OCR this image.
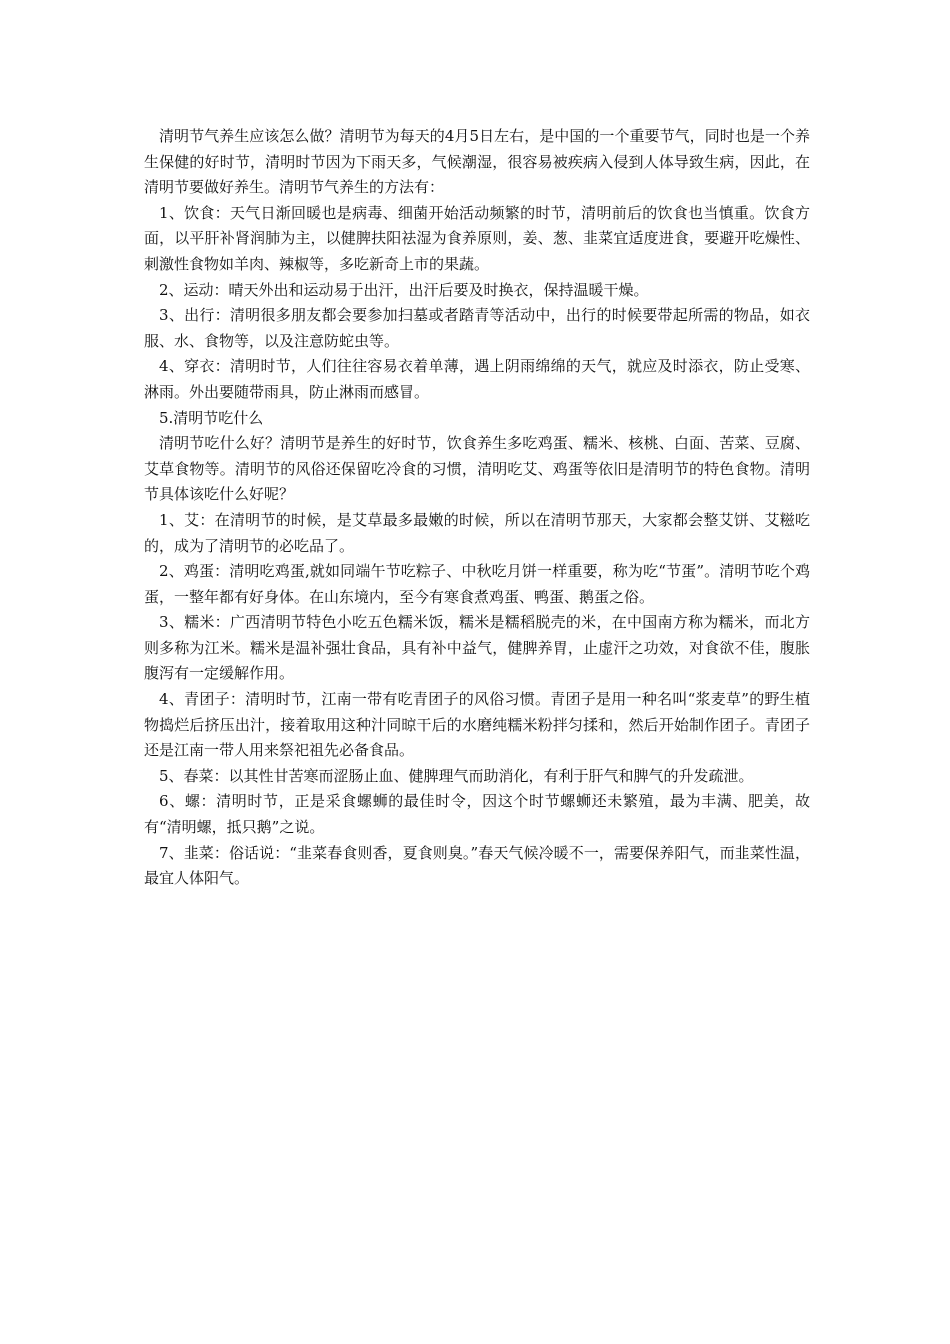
清明节气养生应该怎么做？清明节为每天的4月5日左右，是中国的一个重要节气，同时也是一个养生保健的好时节，清明时节因为下雨天多，气候潮湿，很容易被疾病入侵到人体导致生病，因此，在清明节要做好养生。清明节气养生的方法有：

1、饮食：天气日渐回暖也是病毒、细菌开始活动频繁的时节，清明前后的饮食也当慎重。饮食方面，以平肝补肾润肺为主，以健脾扶阳祛湿为食养原则，姜、葱、韭菜宜适度进食，要避开吃燥性、刺激性食物如羊肉、辣椒等，多吃新奇上市的果蔬。

2、运动：晴天外出和运动易于出汗，出汗后要及时换衣，保持温暖干燥。

3、出行：清明很多朋友都会要参加扫墓或者踏青等活动中，出行的时候要带起所需的物品，如衣服、水、食物等，以及注意防蛇虫等。

4、穿衣：清明时节，人们往往容易衣着单薄，遇上阴雨绵绵的天气，就应及时添衣，防止受寒、淋雨。外出要随带雨具，防止淋雨而感冒。

5.清明节吃什么

清明节吃什么好？清明节是养生的好时节，饮食养生多吃鸡蛋、糯米、核桃、白面、苦菜、豆腐、艾草食物等。清明节的风俗还保留吃冷食的习惯，清明吃艾、鸡蛋等依旧是清明节的特色食物。清明节具体该吃什么好呢？

1、艾：在清明节的时候，是艾草最多最嫩的时候，所以在清明节那天，大家都会整艾饼、艾糍吃的，成为了清明节的必吃品了。

2、鸡蛋：清明吃鸡蛋,就如同端午节吃粽子、中秋吃月饼一样重要，称为吃“节蛋”。清明节吃个鸡蛋，一整年都有好身体。在山东境内，至今有寒食煮鸡蛋、鸭蛋、鹅蛋之俗。

3、糯米：广西清明节特色小吃五色糯米饭，糯米是糯稻脱壳的米，在中国南方称为糯米，而北方则多称为江米。糯米是温补强壮食品，具有补中益气，健脾养胃，止虚汗之功效，对食欲不佳，腹胀腹泻有一定缓解作用。

4、青团子：清明时节，江南一带有吃青团子的风俗习惯。青团子是用一种名叫“浆麦草”的野生植物捣烂后挤压出汁，接着取用这种汁同晾干后的水磨纯糯米粉拌匀揉和，然后开始制作团子。青团子还是江南一带人用来祭祀祖先必备食品。

5、春菜：以其性甘苦寒而涩肠止血、健脾理气而助消化，有利于肝气和脾气的升发疏泄。

6、螺：清明时节，正是采食螺蛳的最佳时令，因这个时节螺蛳还未繁殖，最为丰满、肥美，故有“清明螺，抵只鹅”之说。

7、韭菜：俗话说：“韭菜春食则香，夏食则臭。”春天气候冷暖不一，需要保养阳气，而韭菜性温，最宜人体阳气。
